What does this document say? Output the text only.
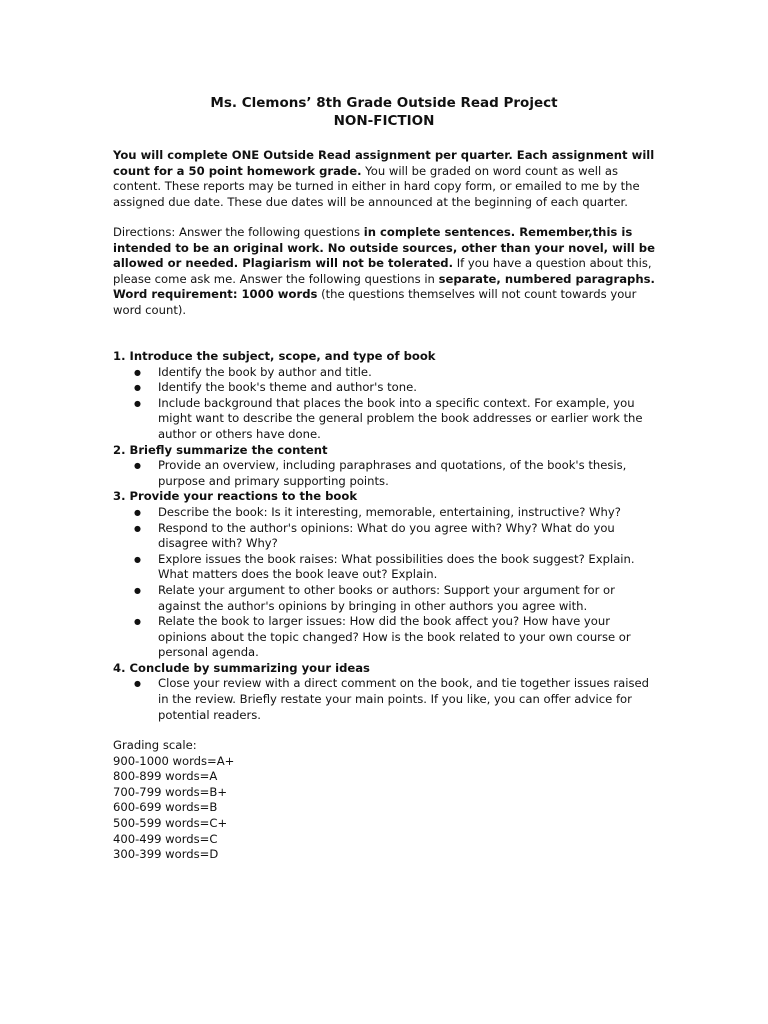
Ms. Clemons’ 8th Grade Outside Read Project
NON-FICTION

You will complete ONE Outside Read assignment per quarter. Each assignment will count for a 50 point homework grade. You will be graded on word count as well as content. These reports may be turned in either in hard copy form, or emailed to me by the assigned due date. These due dates will be announced at the beginning of each quarter.

Directions: Answer the following questions in complete sentences. Remember,this is intended to be an original work. No outside sources, other than your novel, will be allowed or needed. Plagiarism will not be tolerated. If you have a question about this, please come ask me. Answer the following questions in separate, numbered paragraphs. Word requirement: 1000 words (the questions themselves will not count towards your word count).

1. Introduce the subject, scope, and type of book

● Identify the book by author and title.
● Identify the book's theme and author's tone.
● Include background that places the book into a specific context. For example, you might want to describe the general problem the book addresses or earlier work the author or others have done.

2. Briefly summarize the content

● Provide an overview, including paraphrases and quotations, of the book's thesis, purpose and primary supporting points.

3. Provide your reactions to the book

● Describe the book: Is it interesting, memorable, entertaining, instructive? Why?
● Respond to the author's opinions: What do you agree with? Why? What do you disagree with? Why?
● Explore issues the book raises: What possibilities does the book suggest? Explain. What matters does the book leave out? Explain.
● Relate your argument to other books or authors: Support your argument for or against the author's opinions by bringing in other authors you agree with.
● Relate the book to larger issues: How did the book affect you? How have your opinions about the topic changed? How is the book related to your own course or personal agenda.

4. Conclude by summarizing your ideas

● Close your review with a direct comment on the book, and tie together issues raised in the review. Briefly restate your main points. If you like, you can offer advice for potential readers.

Grading scale:

900-1000 words=A+

800-899 words=A

700-799 words=B+

600-699 words=B

500-599 words=C+

400-499 words=C

300-399 words=D
